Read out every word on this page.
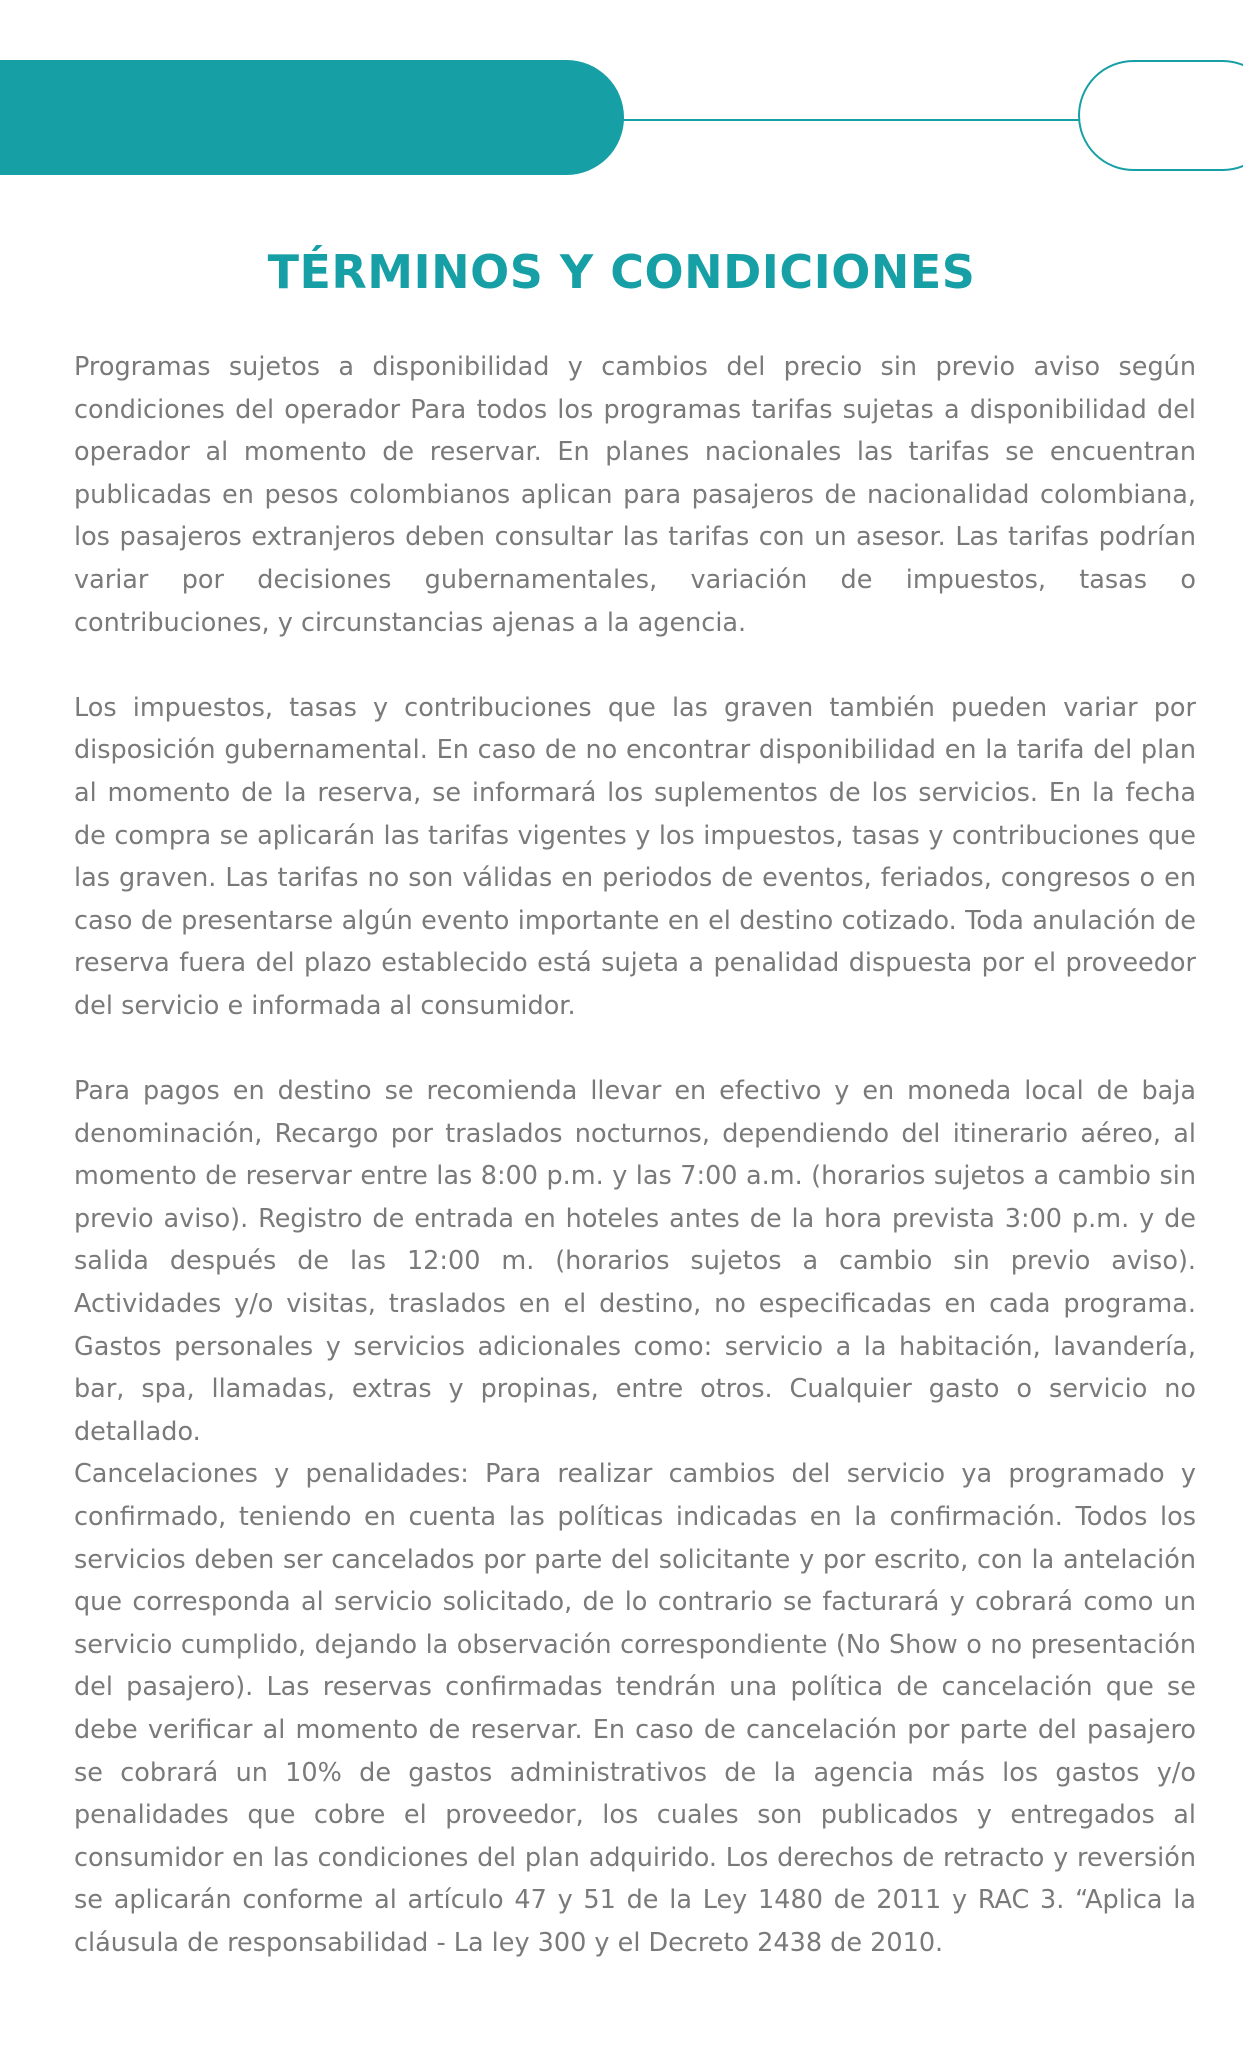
TÉRMINOS Y CONDICIONES

Programas sujetos a disponibilidad y cambios del precio sin previo aviso según condiciones del operador Para todos los programas tarifas sujetas a disponibilidad del operador al momento de reservar. En planes nacionales las tarifas se encuentran publicadas en pesos colombianos aplican para pasajeros de nacionalidad colombiana, los pasajeros extranjeros deben consultar las tarifas con un asesor. Las tarifas podrían variar por decisiones gubernamentales, variación de impuestos, tasas o contribuciones, y circunstancias ajenas a la agencia.

Los impuestos, tasas y contribuciones que las graven también pueden variar por disposición gubernamental. En caso de no encontrar disponibilidad en la tarifa del plan al momento de la reserva, se informará los suplementos de los servicios. En la fecha de compra se aplicarán las tarifas vigentes y los impuestos, tasas y contribuciones que las graven. Las tarifas no son válidas en periodos de eventos, feriados, congresos o en caso de presentarse algún evento importante en el destino cotizado. Toda anulación de reserva fuera del plazo establecido está sujeta a penalidad dispuesta por el proveedor del servicio e informada al consumidor.

Para pagos en destino se recomienda llevar en efectivo y en moneda local de baja denominación, Recargo por traslados nocturnos, dependiendo del itinerario aéreo, al momento de reservar entre las 8:00 p.m. y las 7:00 a.m. (horarios sujetos a cambio sin previo aviso). Registro de entrada en hoteles antes de la hora prevista 3:00 p.m. y de salida después de las 12:00 m. (horarios sujetos a cambio sin previo aviso). Actividades y/o visitas, traslados en el destino, no especificadas en cada programa. Gastos personales y servicios adicionales como: servicio a la habitación, lavandería, bar, spa, llamadas, extras y propinas, entre otros. Cualquier gasto o servicio no detallado.

Cancelaciones y penalidades: Para realizar cambios del servicio ya programado y confirmado, teniendo en cuenta las políticas indicadas en la confirmación. Todos los servicios deben ser cancelados por parte del solicitante y por escrito, con la antelación que corresponda al servicio solicitado, de lo contrario se facturará y cobrará como un servicio cumplido, dejando la observación correspondiente (No Show o no presentación del pasajero). Las reservas confirmadas tendrán una política de cancelación que se debe verificar al momento de reservar. En caso de cancelación por parte del pasajero se cobrará un 10% de gastos administrativos de la agencia más los gastos y/o penalidades que cobre el proveedor, los cuales son publicados y entregados al consumidor en las condiciones del plan adquirido. Los derechos de retracto y reversión se aplicarán conforme al artículo 47 y 51 de la Ley 1480 de 2011 y RAC 3. “Aplica la cláusula de responsabilidad - La ley 300 y el Decreto 2438 de 2010.
